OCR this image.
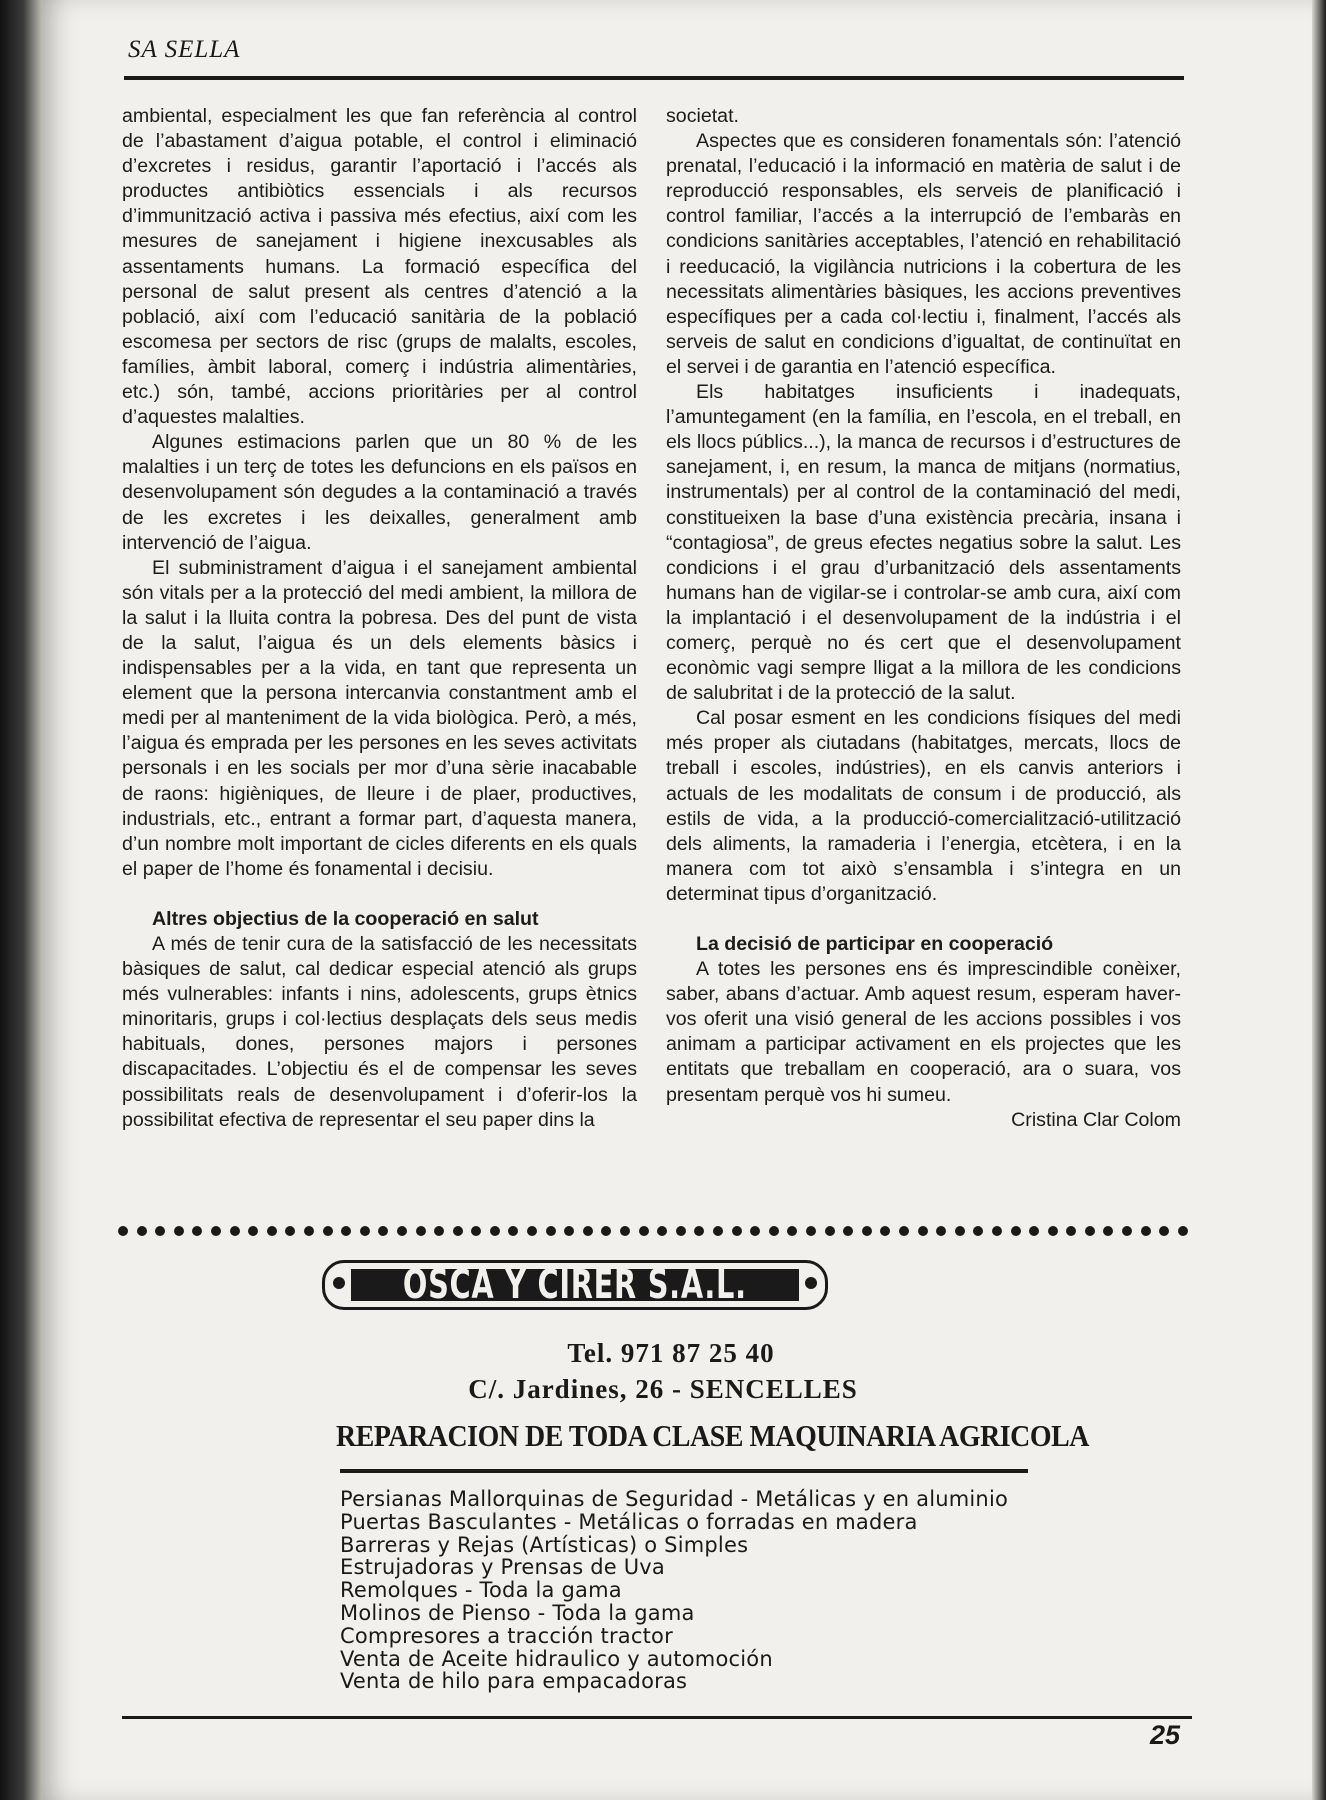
SA SELLA

ambiental, especialment les que fan referència al control de l’abastament d’aigua potable, el control i eliminació d’excretes i residus, garantir l’aportació i l’accés als productes antibiòtics essencials i als recursos d’immunització activa i passiva més efectius, així com les mesures de sanejament i higiene inexcusables als assentaments humans. La formació específica del personal de salut present als centres d’atenció a la població, així com l’educació sanitària de la població escomesa per sectors de risc (grups de malalts, escoles, famílies, àmbit laboral, comerç i indústria alimentàries, etc.) són, també, accions prioritàries per al control d’aquestes malalties.

Algunes estimacions parlen que un 80 % de les malalties i un terç de totes les defuncions en els països en desenvolupament són degudes a la contaminació a través de les excretes i les deixalles, generalment amb intervenció de l’aigua.

El subministrament d’aigua i el sanejament ambiental són vitals per a la protecció del medi ambient, la millora de la salut i la lluita contra la pobresa. Des del punt de vista de la salut, l’aigua és un dels elements bàsics i indispensables per a la vida, en tant que representa un element que la persona intercanvia constantment amb el medi per al manteniment de la vida biològica. Però, a més, l’aigua és emprada per les persones en les seves activitats personals i en les socials per mor d’una sèrie inacabable de raons: higièniques, de lleure i de plaer, productives, industrials, etc., entrant a formar part, d’aquesta manera, d’un nombre molt important de cicles diferents en els quals el paper de l’home és fonamental i decisiu.

Altres objectius de la cooperació en salut

A més de tenir cura de la satisfacció de les necessitats bàsiques de salut, cal dedicar especial atenció als grups més vulnerables: infants i nins, adolescents, grups ètnics minoritaris, grups i col·lectius desplaçats dels seus medis habituals, dones, persones majors i persones discapacitades. L’objectiu és el de compensar les seves possibilitats reals de desenvolupament i d’oferir-los la possibilitat efectiva de representar el seu paper dins la

societat.

Aspectes que es consideren fonamentals són: l’atenció prenatal, l’educació i la informació en matèria de salut i de reproducció responsables, els serveis de planificació i control familiar, l’accés a la interrupció de l’embaràs en condicions sanitàries acceptables, l’atenció en rehabilitació i reeducació, la vigilància nutricions i la cobertura de les necessitats alimentàries bàsiques, les accions preventives específiques per a cada col·lectiu i, finalment, l’accés als serveis de salut en condicions d’igualtat, de continuïtat en el servei i de garantia en l’atenció específica.

Els habitatges insuficients i inadequats, l’amuntegament (en la família, en l’escola, en el treball, en els llocs públics...), la manca de recursos i d’estructures de sanejament, i, en resum, la manca de mitjans (normatius, instrumentals) per al control de la contaminació del medi, constitueixen la base d’una existència precària, insana i “contagiosa”, de greus efectes negatius sobre la salut. Les condicions i el grau d’urbanització dels assentaments humans han de vigilar-se i controlar-se amb cura, així com la implantació i el desenvolupament de la indústria i el comerç, perquè no és cert que el desenvolupament econòmic vagi sempre lligat a la millora de les condicions de salubritat i de la protecció de la salut.

Cal posar esment en les condicions físiques del medi més proper als ciutadans (habitatges, mercats, llocs de treball i escoles, indústries), en els canvis anteriors i actuals de les modalitats de consum i de producció, als estils de vida, a la producció-comercialització-utilització dels aliments, la ramaderia i l’energia, etcètera, i en la manera com tot això s’ensambla i s’integra en un determinat tipus d’organització.

La decisió de participar en cooperació

A totes les persones ens és imprescindible conèixer, saber, abans d’actuar. Amb aquest resum, esperam haver-vos oferit una visió general de les accions possibles i vos animam a participar activament en els projectes que les entitats que treballam en cooperació, ara o suara, vos presentam perquè vos hi sumeu.

Cristina Clar Colom

OSCA Y CIRER S.A.L.
Tel. 971 87 25 40
C/. Jardines, 26 - SENCELLES
REPARACION DE TODA CLASE MAQUINARIA AGRICOLA
Persianas Mallorquinas de Seguridad - Metálicas y en aluminio
Puertas Basculantes - Metálicas o forradas en madera
Barreras y Rejas (Artísticas) o Simples
Estrujadoras y Prensas de Uva
Remolques - Toda la gama
Molinos de Pienso - Toda la gama
Compresores a tracción tractor
Venta de Aceite hidraulico y automoción
Venta de hilo para empacadoras
25
